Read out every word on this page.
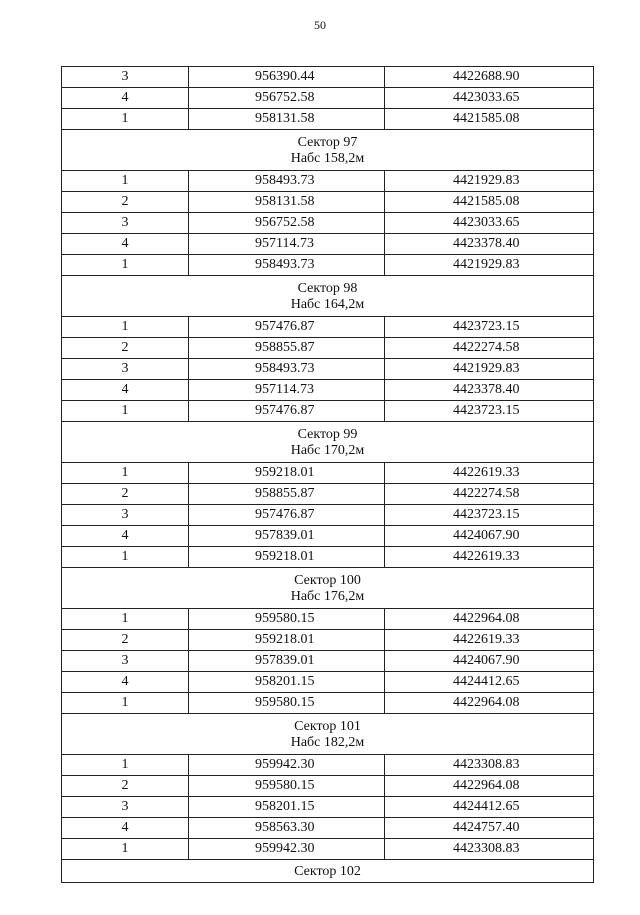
50
3	956390.44	4422688.90
4	956752.58	4423033.65
1	958131.58	4421585.08

Сектор 97
Набс 158,2м		

1	958493.73	4421929.83
2	958131.58	4421585.08
3	956752.58	4423033.65
4	957114.73	4423378.40
1	958493.73	4421929.83

Сектор 98
Набс 164,2м		

1	957476.87	4423723.15
2	958855.87	4422274.58
3	958493.73	4421929.83
4	957114.73	4423378.40
1	957476.87	4423723.15

Сектор 99
Набс 170,2м		

1	959218.01	4422619.33
2	958855.87	4422274.58
3	957476.87	4423723.15
4	957839.01	4424067.90
1	959218.01	4422619.33

Сектор 100
Набс 176,2м		

1	959580.15	4422964.08
2	959218.01	4422619.33
3	957839.01	4424067.90
4	958201.15	4424412.65
1	959580.15	4422964.08

Сектор 101
Набс 182,2м		

1	959942.30	4423308.83
2	959580.15	4422964.08
3	958201.15	4424412.65
4	958563.30	4424757.40
1	959942.30	4423308.83

Сектор 102		
